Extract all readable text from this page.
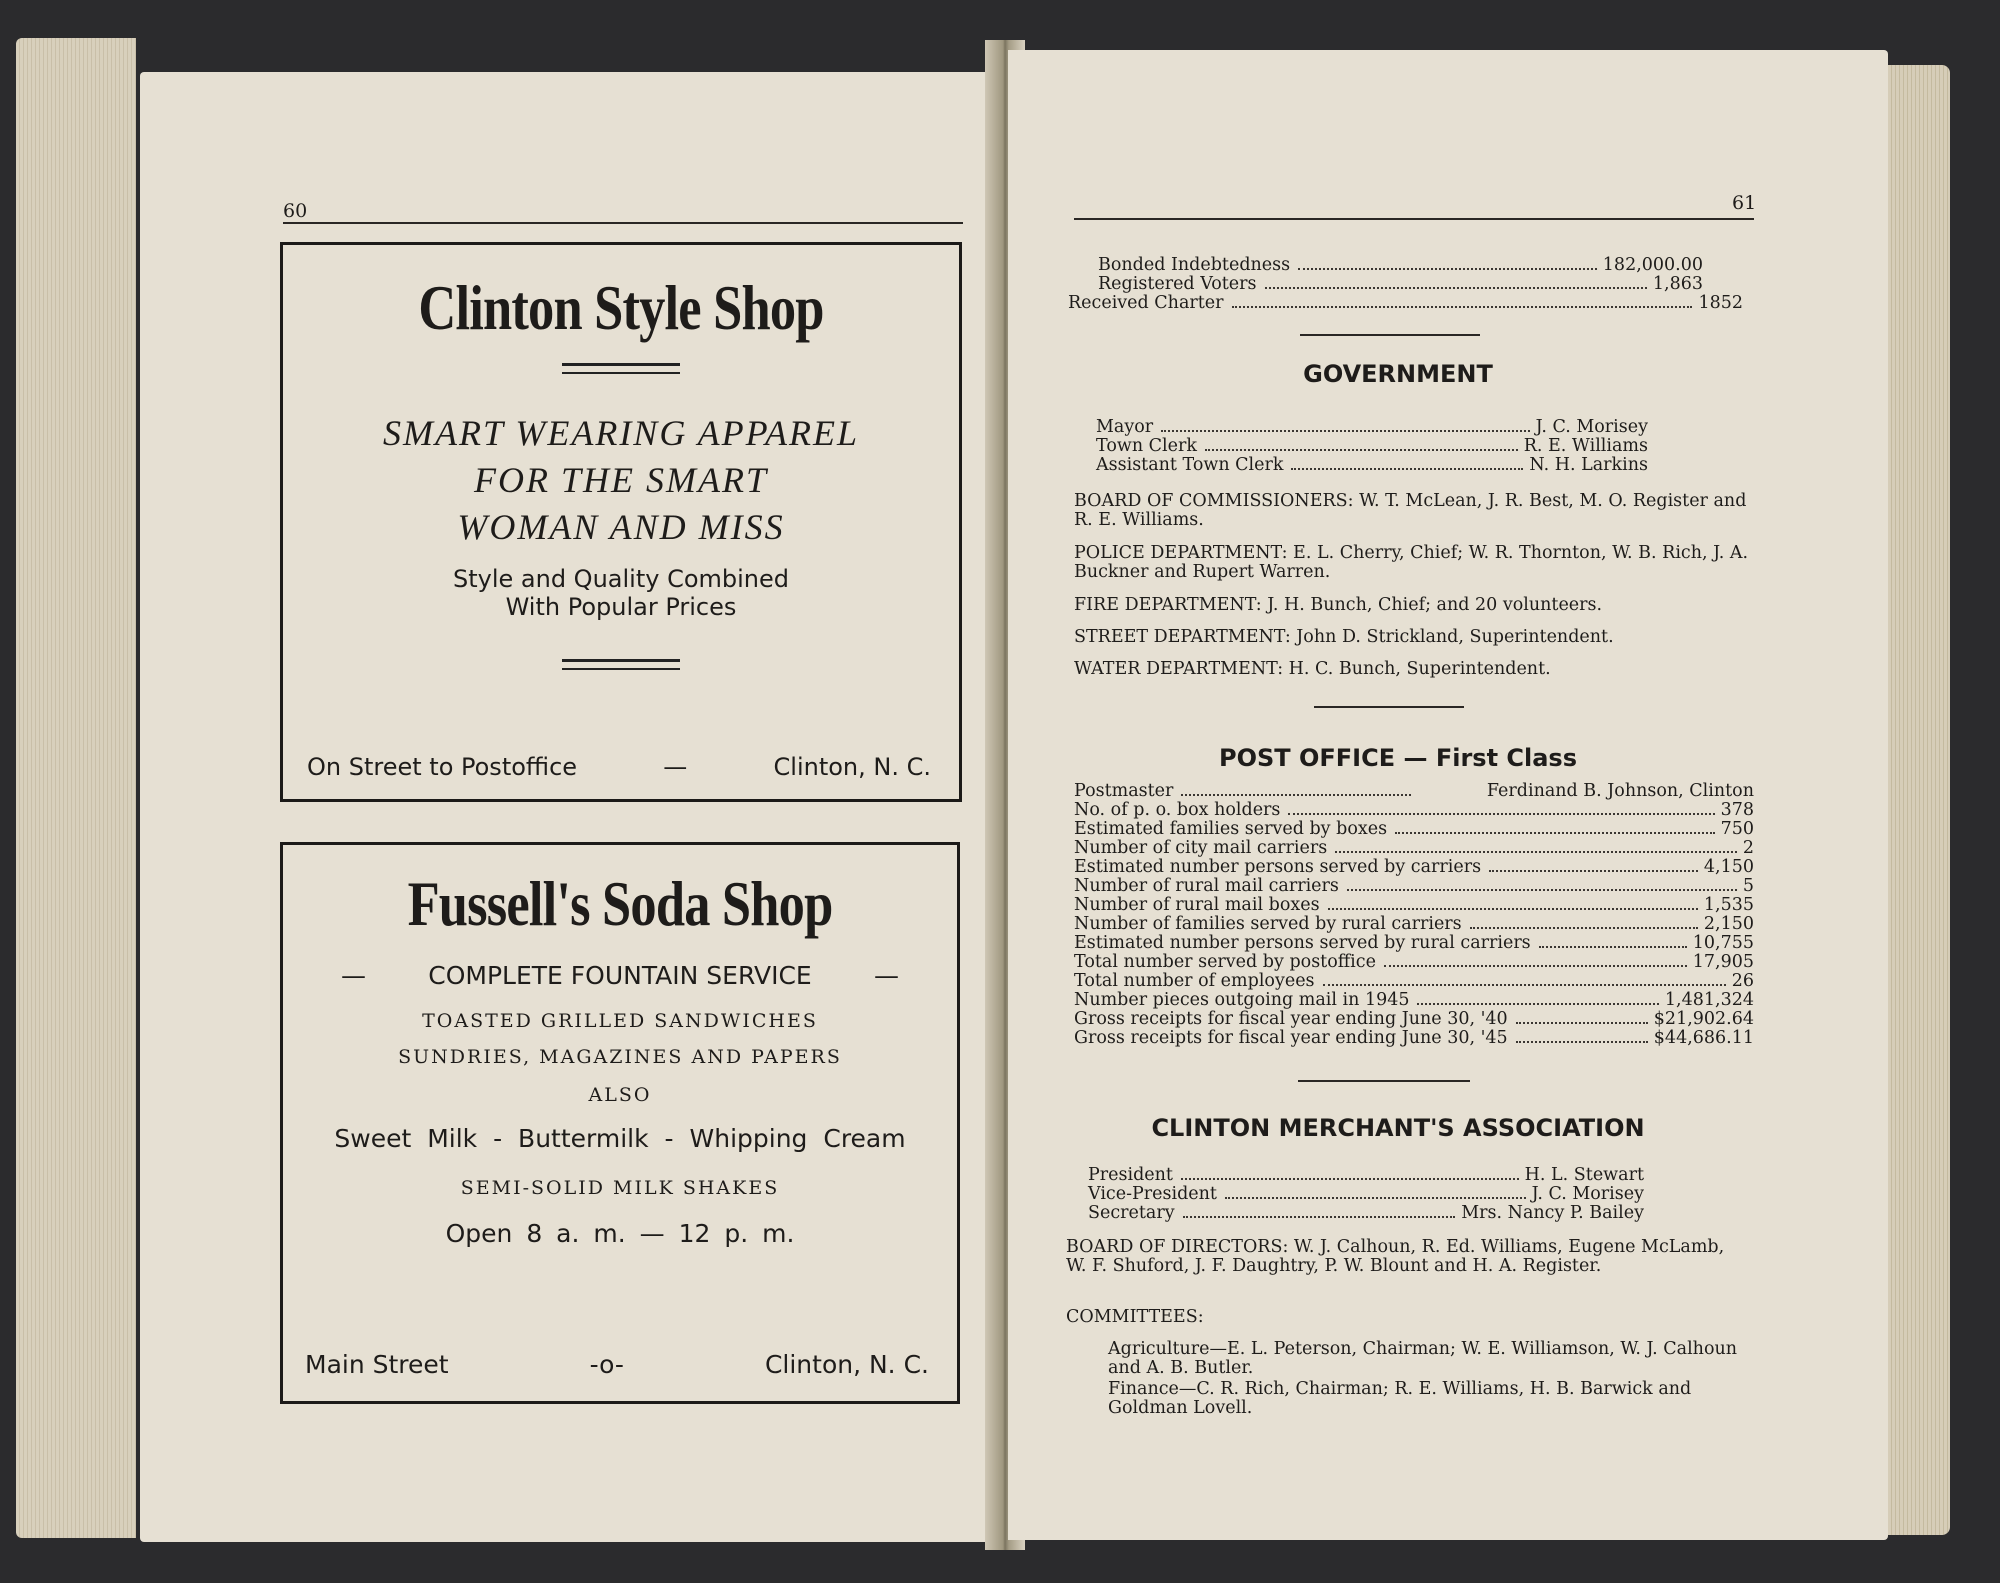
60
Clinton Style Shop
SMART WEARING APPAREL
FOR THE SMART
WOMAN AND MISS
Style and Quality Combined
With Popular Prices
On Street to Postoffice	—	Clinton, N. C.
Fussell's Soda Shop
— COMPLETE FOUNTAIN SERVICE —
TOASTED GRILLED SANDWICHES
SUNDRIES, MAGAZINES AND PAPERS
ALSO
Sweet Milk - Buttermilk - Whipping Cream
SEMI-SOLID MILK SHAKES
Open 8 a. m. — 12 p. m.
Main Street	-o-	Clinton, N. C.
61
Bonded Indebtedness	182,000.00
Registered Voters	1,863
Received Charter	1852
GOVERNMENT
Mayor	J. C. Morisey
Town Clerk	R. E. Williams
Assistant Town Clerk	N. H. Larkins
BOARD OF COMMISSIONERS: W. T. McLean, J. R. Best, M. O. Register and R. E. Williams.
POLICE DEPARTMENT: E. L. Cherry, Chief; W. R. Thornton, W. B. Rich, J. A. Buckner and Rupert Warren.
FIRE DEPARTMENT: J. H. Bunch, Chief; and 20 volunteers.
STREET DEPARTMENT: John D. Strickland, Superintendent.
WATER DEPARTMENT: H. C. Bunch, Superintendent.
POST OFFICE — First Class
Postmaster	Ferdinand B. Johnson, Clinton
No. of p. o. box holders	378
Estimated families served by boxes	750
Number of city mail carriers	2
Estimated number persons served by carriers	4,150
Number of rural mail carriers	5
Number of rural mail boxes	1,535
Number of families served by rural carriers	2,150
Estimated number persons served by rural carriers	10,755
Total number served by postoffice	17,905
Total number of employees	26
Number pieces outgoing mail in 1945	1,481,324
Gross receipts for fiscal year ending June 30, '40	$21,902.64
Gross receipts for fiscal year ending June 30, '45	$44,686.11
CLINTON MERCHANT'S ASSOCIATION
President	H. L. Stewart
Vice-President	J. C. Morisey
Secretary	Mrs. Nancy P. Bailey
BOARD OF DIRECTORS: W. J. Calhoun, R. Ed. Williams, Eugene McLamb, W. F. Shuford, J. F. Daughtry, P. W. Blount and H. A. Register.
COMMITTEES:
Agriculture—E. L. Peterson, Chairman; W. E. Williamson, W. J. Calhoun and A. B. Butler.
Finance—C. R. Rich, Chairman; R. E. Williams, H. B. Barwick and Goldman Lovell.
